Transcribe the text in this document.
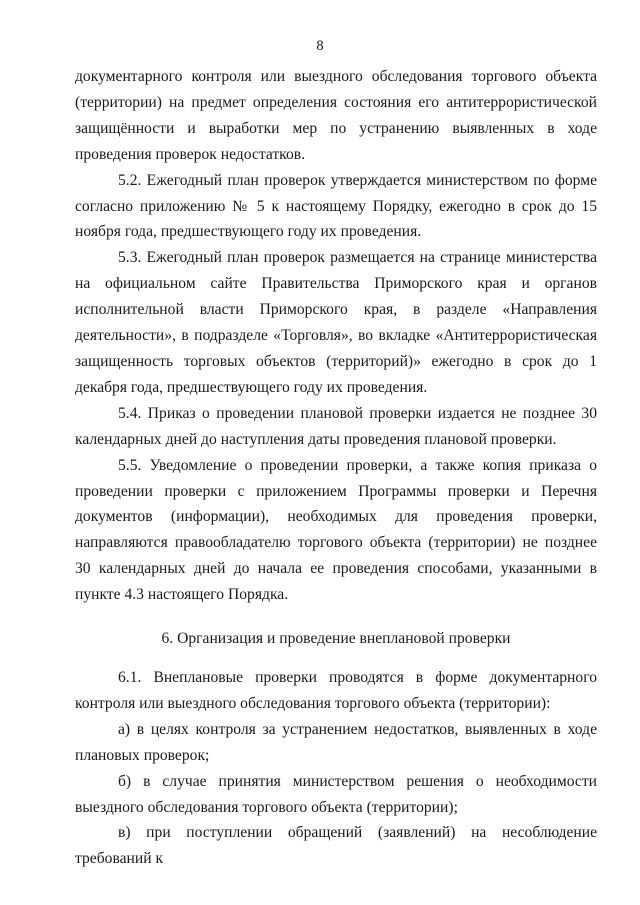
8

документарного контроля или выездного обследования торгового объекта (территории) на предмет определения состояния его антитеррористической защищённости и выработки мер по устранению выявленных в ходе проведения проверок недостатков.

5.2. Ежегодный план проверок утверждается министерством по форме согласно приложению № 5 к настоящему Порядку, ежегодно в срок до 15 ноября года, предшествующего году их проведения.

5.3. Ежегодный план проверок размещается на странице министерства на официальном сайте Правительства Приморского края и органов исполнительной власти Приморского края, в разделе «Направления деятельности», в подразделе «Торговля», во вкладке «Антитеррористическая защищенность торговых объектов (территорий)» ежегодно в срок до 1 декабря года, предшествующего году их проведения.

5.4. Приказ о проведении плановой проверки издается не позднее 30 календарных дней до наступления даты проведения плановой проверки.

5.5. Уведомление о проведении проверки, а также копия приказа о проведении проверки с приложением Программы проверки и Перечня документов (информации), необходимых для проведения проверки, направляются правообладателю торгового объекта (территории) не позднее 30 календарных дней до начала ее проведения способами, указанными в пункте 4.3 настоящего Порядка.

6. Организация и проведение внеплановой проверки

6.1. Внеплановые проверки проводятся в форме документарного контроля или выездного обследования торгового объекта (территории):

а) в целях контроля за устранением недостатков, выявленных в ходе плановых проверок;

б) в случае принятия министерством решения о необходимости выездного обследования торгового объекта (территории);

в) при поступлении обращений (заявлений) на несоблюдение требований к
